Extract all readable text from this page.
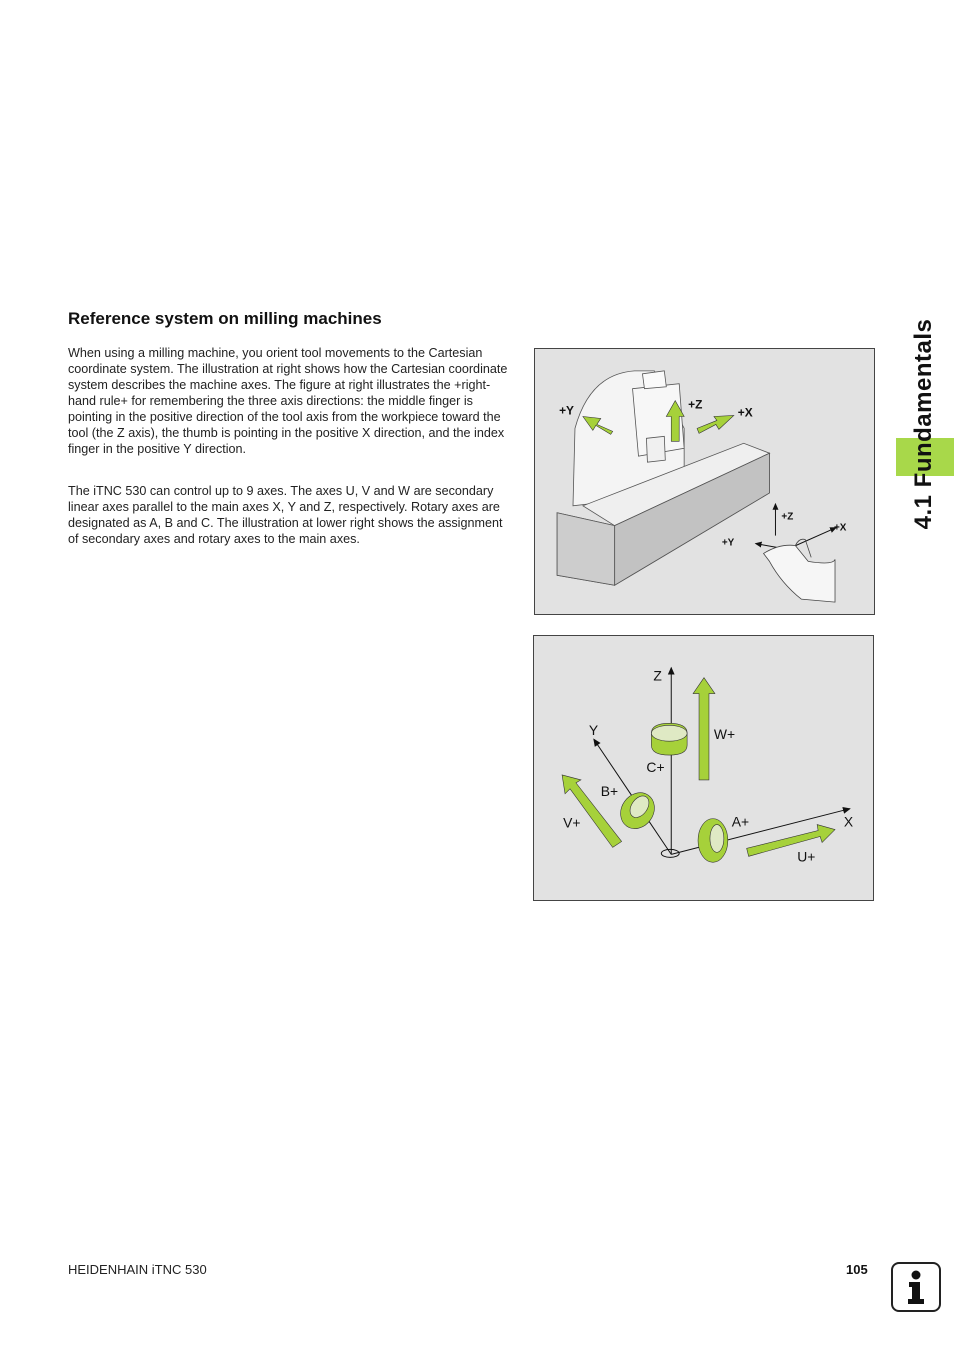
Reference system on milling machines

When using a milling machine, you orient tool movements to the Cartesian coordinate system. The illustration at right shows how the Cartesian coordinate system describes the machine axes. The figure at right illustrates the +right-hand rule+ for remembering the three axis directions: the middle finger is pointing in the positive direction of the tool axis from the workpiece toward the tool (the Z axis), the thumb is pointing in the positive X direction, and the index finger in the positive Y direction.

The iTNC 530 can control up to 9 axes. The axes U, V and W are secondary linear axes parallel to the main axes X, Y and Z, respectively. Rotary axes are designated as A, B and C. The illustration at lower right shows the assignment of secondary axes and rotary axes to the main axes.

+Y	+Z
+X
+Z
+X
+Y
Z
Y
X
W+
C+
B+
V+	A+
U+
4.1 Fundamentals
HEIDENHAIN iTNC 530	105
